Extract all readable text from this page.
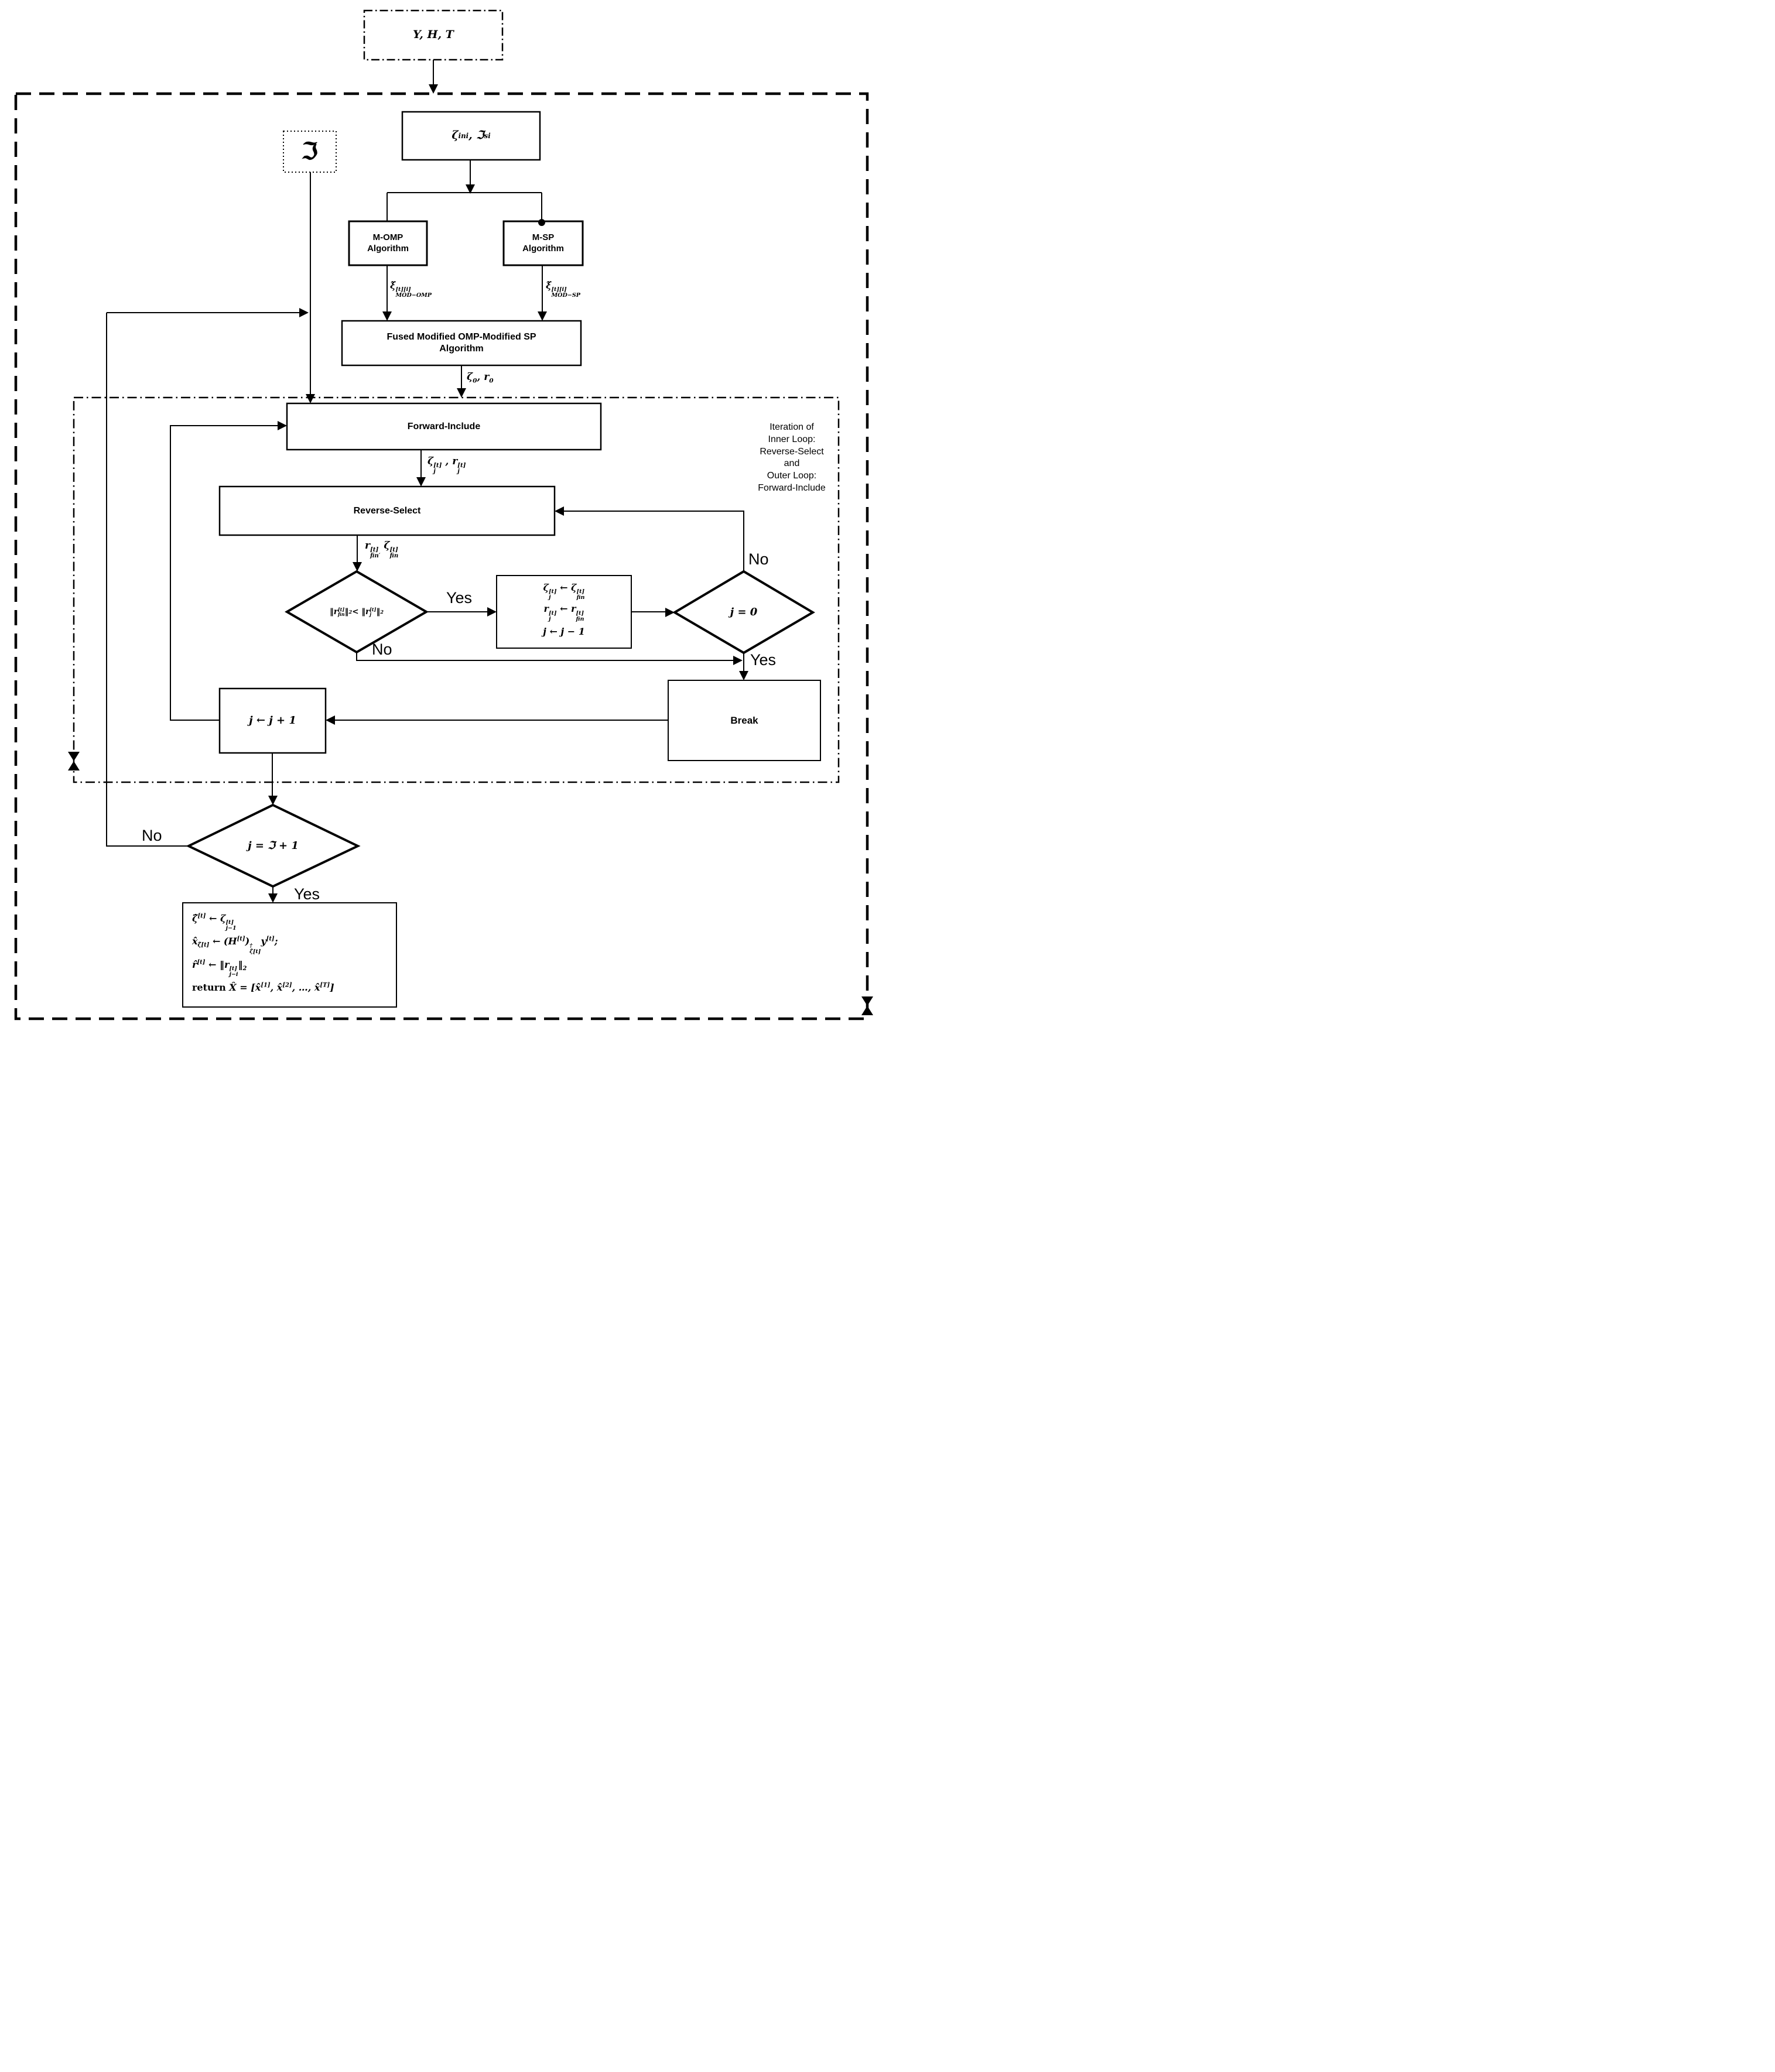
Y, H, T
ζ ini , ℑ si
ℑ
M-OMP
Algorithm
M-SP
Algorithm
Fused Modified OMP-Modified SP
Algorithm
Forward-Include
Reverse-Select
‖r [t]
fin ‖ 2 < ‖r [t]
j ‖ 2
ζ [t]
j
← ζ [t]
fin
r [t]
j
← r [t]
fin
j ← j − 1
j = 0
Break
j ← j + 1
j = ℑ + 1
ζ̂[t] ← ζ [t]
j−1
$x̂_{\zetâ[t]}$ ← (H[t]) †
ζ̂[t]
y[t];
r̂[t] ← ‖r [t]
j−i
$‖_2$
return X̂ = [x̂[1], x̂[2], …, x̂[T]]
Iteration of
Inner Loop:
Reverse-Select
and
Outer Loop:
Forward-Include
ξ̌ [t][i]
MOD−OMP
ξ̌ [t][i]
MOD−SP
$\zeta_0$, $r_0$
ζ [t]
j
, r [t]
j
r [t]
fin′
ζ [t]
fin
Yes
No
No
Yes
No
Yes
